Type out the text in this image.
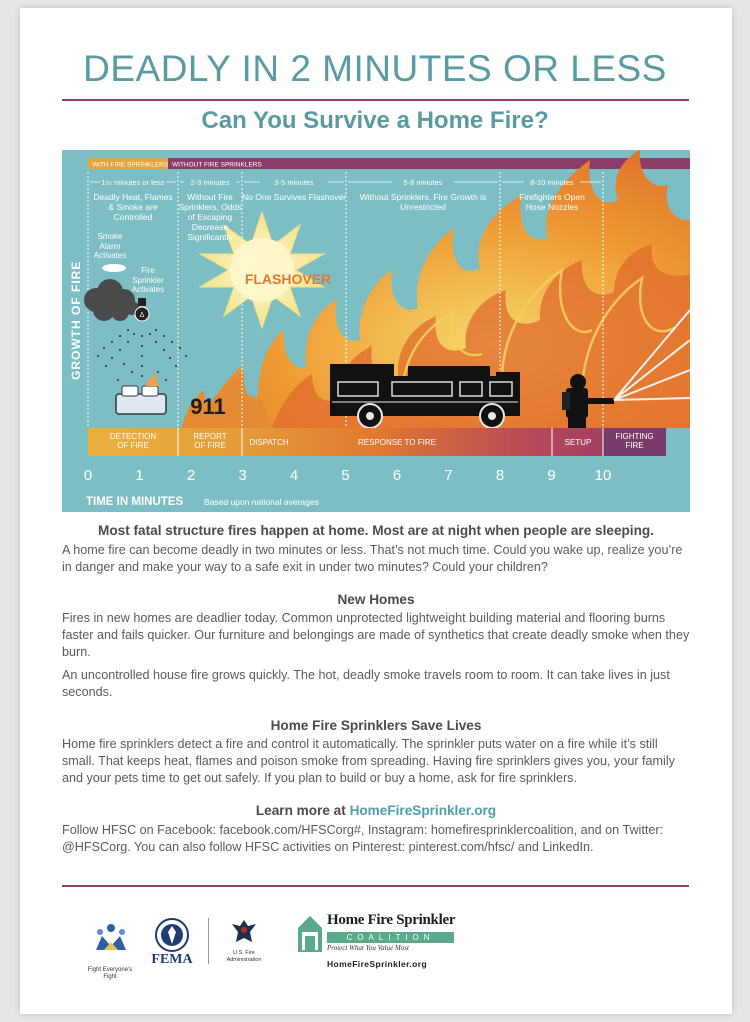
DEADLY IN 2 MINUTES OR LESS
Can You Survive a Home Fire?
WITH FIRE SPRINKLERS WITHOUT FIRE SPRINKLERS
FLASHOVER
1½ minutes or less	2-3 minutes	3-5 minutes	5-8 minutes	8-10 minutes
Deadly Heat, Flames & Smoke are Controlled
Without Fire Sprinklers, Odds of Escaping Decrease Significantly
No One Survives Flashover	Without Sprinklers, Fire Growth is Unrestricted
Firefighters Open Hose Nozzles
Smoke Alarm Activates
Fire Sprinkler Activates
Δ
911
GROWTH OF FIRE
DETECTION OF FIRE
REPORT OF FIRE	DISPATCH	RESPONSE TO FIRE	SETUP
FIGHTING FIRE
0	1	2	3	4	5	6	7	8	9	10
TIME IN MINUTES Based upon national averages
Most fatal structure fires happen at home. Most are at night when people are sleeping.
A home fire can become deadly in two minutes or less. That’s not much time. Could you wake up, realize you’re in danger and make your way to a safe exit in under two minutes? Could your children?
New Homes
Fires in new homes are deadlier today. Common unprotected lightweight building material and flooring burns faster and fails quicker. Our furniture and belongings are made of synthetics that create deadly smoke when they burn.
An uncontrolled house fire grows quickly. The hot, deadly smoke travels room to room. It can take lives in just seconds.
Home Fire Sprinklers Save Lives
Home fire sprinklers detect a fire and control it automatically. The sprinkler puts water on a fire while it’s still small. That keeps heat, flames and poison smoke from spreading. Having fire sprinklers gives you, your family and your pets time to get out safely. If you plan to build or buy a home, ask for fire sprinklers.
Learn more at HomeFireSprinkler.org
Follow HFSC on Facebook: facebook.com/HFSCorg#, Instagram: homefiresprinklercoalition, and on Twitter: @HFSCorg. You can also follow HFSC activities on Pinterest: pinterest.com/hfsc/ and LinkedIn.
Fight Everyone's Fight
FEMA	U.S. Fire Administration
Home Fire Sprinkler
COALITION
Protect What You Value Most
HomeFireSprinkler.org
